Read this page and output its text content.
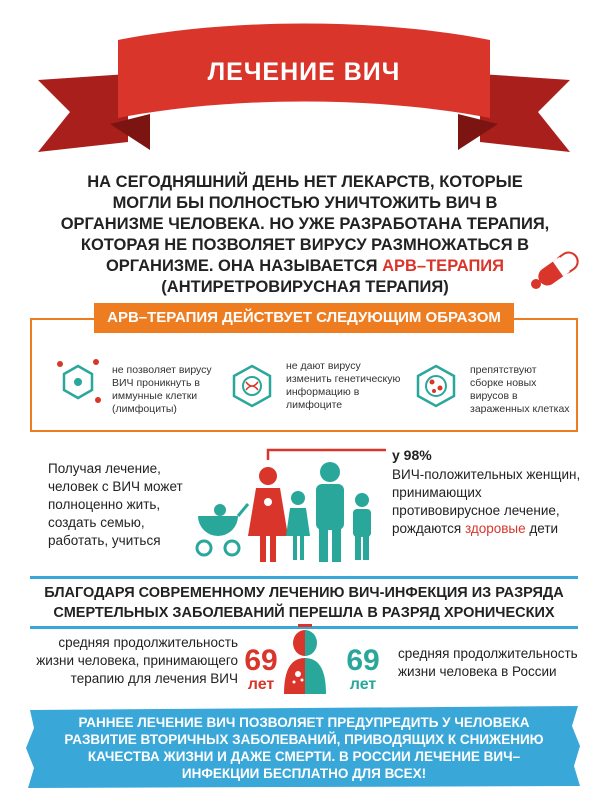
ЛЕЧЕНИЕ ВИЧ
НА СЕГОДНЯШНИЙ ДЕНЬ НЕТ ЛЕКАРСТВ, КОТОРЫЕ МОГЛИ БЫ ПОЛНОСТЬЮ УНИЧТОЖИТЬ ВИЧ В ОРГАНИЗМЕ ЧЕЛОВЕКА. НО УЖЕ РАЗРАБОТАНА ТЕРАПИЯ, КОТОРАЯ НЕ ПОЗВОЛЯЕТ ВИРУСУ РАЗМНОЖАТЬСЯ В ОРГАНИЗМЕ. ОНА НАЗЫВАЕТСЯ АРВ–ТЕРАПИЯ (АНТИРЕТРОВИРУСНАЯ ТЕРАПИЯ)
АРВ–ТЕРАПИЯ ДЕЙСТВУЕТ СЛЕДУЮЩИМ ОБРАЗОМ
не позволяет вирусу ВИЧ проникнуть в иммунные клетки (лимфоциты)
не дают вирусу изменить генетическую информацию в лимфоците
препятствуют сборке новых вирусов в зараженных клетках
Получая лечение, человек с ВИЧ может полноценно жить, создать семью, работать, учиться
у 98%
ВИЧ-положительных женщин, принимающих противовирусное лечение, рождаются здоровые дети
БЛАГОДАРЯ СОВРЕМЕННОМУ ЛЕЧЕНИЮ ВИЧ-ИНФЕКЦИЯ ИЗ РАЗРЯДА СМЕРТЕЛЬНЫХ ЗАБОЛЕВАНИЙ ПЕРЕШЛА В РАЗРЯД ХРОНИЧЕСКИХ
средняя продолжительность жизни человека, принимающего терапию для лечения ВИЧ
69
лет
69
лет
средняя продолжительность жизни человека в России
РАННЕЕ ЛЕЧЕНИЕ ВИЧ ПОЗВОЛЯЕТ ПРЕДУПРЕДИТЬ У ЧЕЛОВЕКА РАЗВИТИЕ ВТОРИЧНЫХ ЗАБОЛЕВАНИЙ, ПРИВОДЯЩИХ К СНИЖЕНИЮ КАЧЕСТВА ЖИЗНИ И ДАЖЕ СМЕРТИ. В РОССИИ ЛЕЧЕНИЕ ВИЧ–ИНФЕКЦИИ БЕСПЛАТНО ДЛЯ ВСЕХ!
